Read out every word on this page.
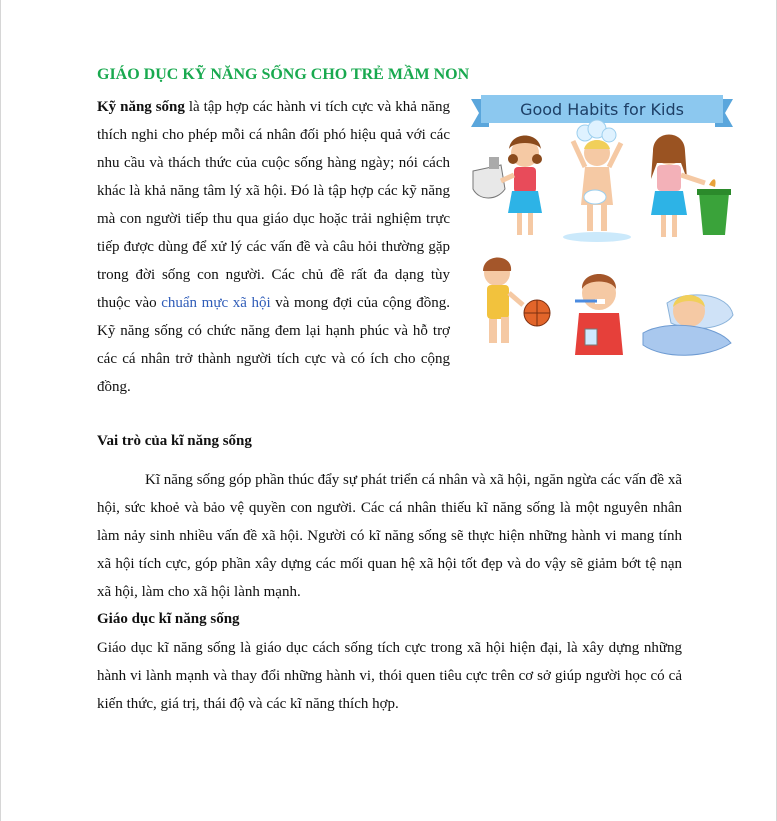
GIÁO DỤC KỸ NĂNG SỐNG CHO TRẺ MẦM NON

Kỹ năng sống là tập hợp các hành vi tích cực và khả năng thích nghi cho phép mỗi cá nhân đối phó hiệu quả với các nhu cầu và thách thức của cuộc sống hàng ngày; nói cách khác là khả năng tâm lý xã hội. Đó là tập hợp các kỹ năng mà con người tiếp thu qua giáo dục hoặc trải nghiệm trực tiếp được dùng để xử lý các vấn đề và câu hỏi thường gặp trong đời sống con người. Các chủ đề rất đa dạng tùy thuộc vào chuẩn mực xã hội và mong đợi của cộng đồng. Kỹ năng sống có chức năng đem lại hạnh phúc và hỗ trợ các cá nhân trở thành người tích cực và có ích cho cộng đồng.

Good Habits for Kids
Vai trò của kĩ năng sống

Kĩ năng sống góp phần thúc đẩy sự phát triển cá nhân và xã hội, ngăn ngừa các vấn đề xã hội, sức khoẻ và bảo vệ quyền con người. Các cá nhân thiếu kĩ năng sống là một nguyên nhân làm nảy sinh nhiều vấn đề xã hội. Người có kĩ năng sống sẽ thực hiện những hành vi mang tính xã hội tích cực, góp phần xây dựng các mối quan hệ xã hội tốt đẹp và do vậy sẽ giảm bớt tệ nạn xã hội, làm cho xã hội lành mạnh.

Giáo dục kĩ năng sống

Giáo dục kĩ năng sống là giáo dục cách sống tích cực trong xã hội hiện đại, là xây dựng những hành vi lành mạnh và thay đổi những hành vi, thói quen tiêu cực trên cơ sở giúp người học có cả kiến thức, giá trị, thái độ và các kĩ năng thích hợp.
